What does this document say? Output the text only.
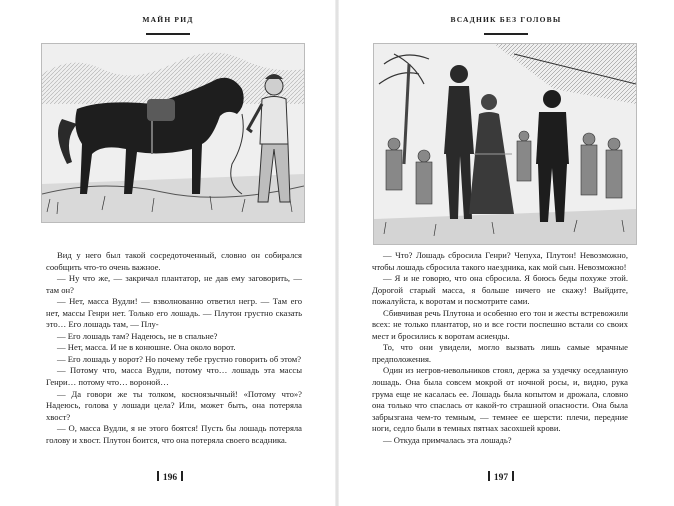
МАЙН РИД

Вид у него был такой сосредоточенный, словно он собирался сообщить что-то очень важное.

— Ну что же, — закричал плантатор, не дав ему заговорить, — там он?

— Нет, масса Вудли! — взволнованно ответил негр. — Там его нет, массы Генри нет. Только его лошадь. — Плутон грустно сказать это… Его лошадь там, — Плу-

— Его лошадь там? Надеюсь, не в спальне?

— Нет, масса. И не в конюшне. Она около ворот.

— Его лошадь у ворот? Но почему тебе грустно говорить об этом?

— Потому что, масса Вудли, потому что… лошадь эта массы Генри… потому что… вороной…

— Да говори же ты толком, косноязычный! «Потому что»? Надеюсь, голова у лошади цела? Или, может быть, она потеряла хвост?

— О, масса Вудли, я не этого боятся! Пусть бы лошадь потеряла голову и хвост. Плутон боится, что она потеряла своего всадника.

196
ВСАДНИК БЕЗ ГОЛОВЫ

— Что? Лошадь сбросила Генри? Чепуха, Плутон! Невозможно, чтобы лошадь сбросила такого наездника, как мой сын. Невозможно!

— Я и не говорю, что она сбросила. Я боюсь беды похуже этой. Дорогой старый масса, я больше ничего не скажу! Выйдите, пожалуйста, к воротам и посмотрите сами.

Сбивчивая речь Плутона и особенно его тон и жесты встревожили всех: не только плантатор, но и все гости поспешно встали со своих мест и бросились к воротам асиенды.

То, что они увидели, могло вызвать лишь самые мрачные предположения.

Один из негров-невольников стоял, держа за уздечку оседланную лошадь. Она была совсем мокрой от ночной росы, и, видно, рука грума еще не касалась ее. Лошадь была копытом и дрожала, словно она только что спаслась от какой-то страшной опасности. Она была забрызгана чем-то темным, — темнее ее шерсти: плечи, передние ноги, седло были в темных пятнах засохшей крови.

— Откуда примчалась эта лошадь?

197
